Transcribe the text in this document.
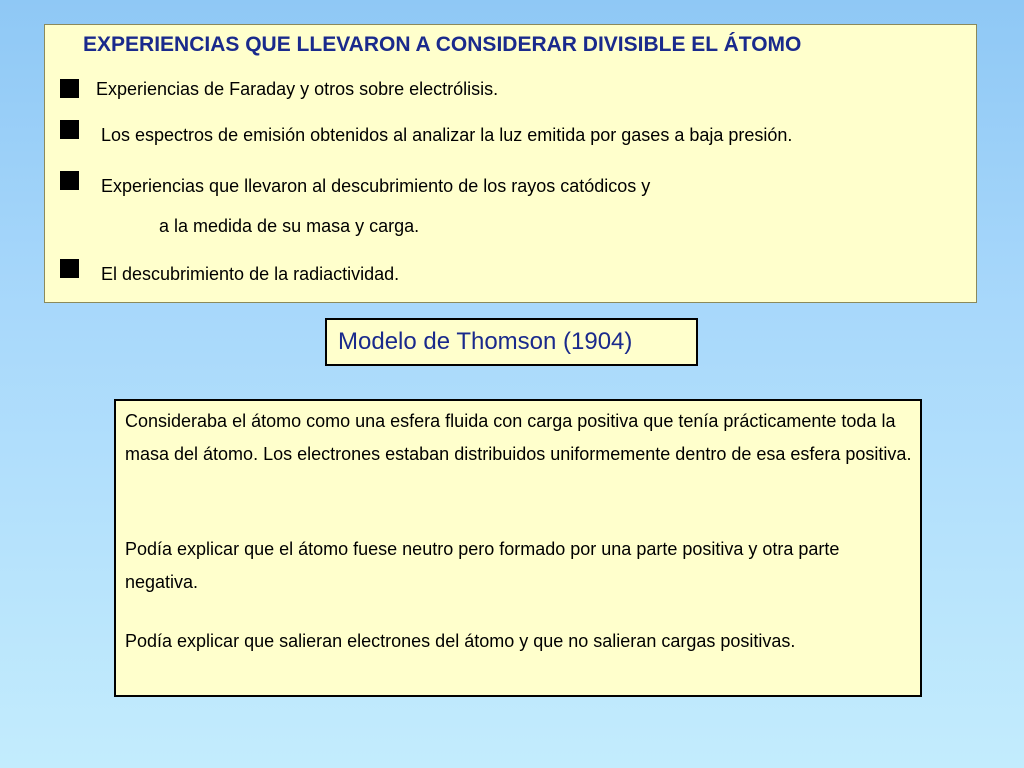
EXPERIENCIAS QUE LLEVARON A CONSIDERAR DIVISIBLE EL ÁTOMO
Experiencias de Faraday y otros sobre electrólisis.
Los espectros de emisión obtenidos al analizar la luz emitida por gases a baja presión.
Experiencias que llevaron al descubrimiento de los rayos catódicos y
a la medida de su masa y carga.
El descubrimiento de la radiactividad.
Modelo de Thomson (1904)

Consideraba el átomo como una esfera fluida con carga positiva que tenía prácticamente toda la masa del átomo. Los electrones estaban distribuidos uniformemente dentro de esa esfera positiva.

Podía explicar que el átomo fuese neutro pero formado por una parte positiva y otra parte negativa.

Podía explicar que salieran electrones del átomo y que no salieran cargas positivas.
